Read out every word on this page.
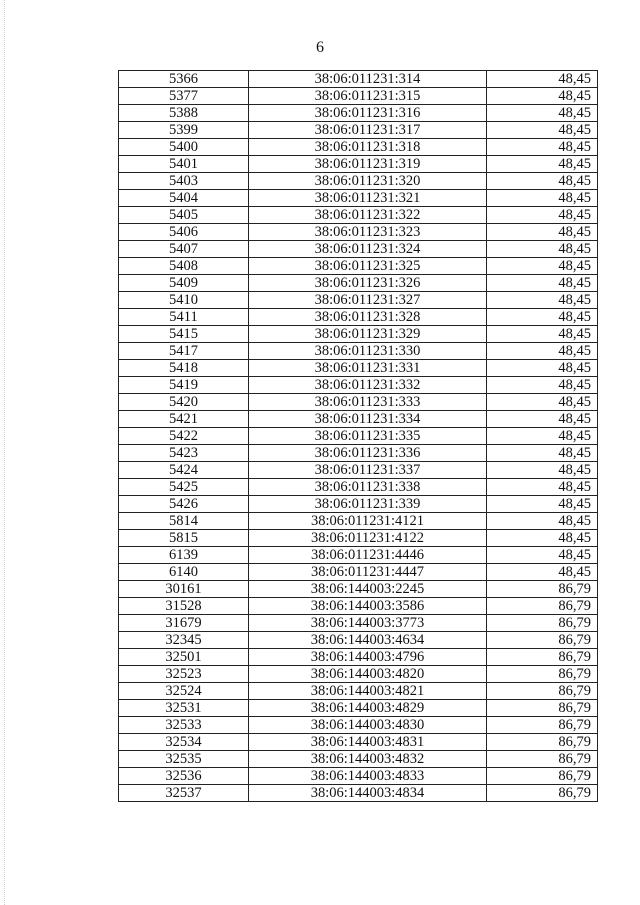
6
5366	38:06:011231:314	48,45
5377	38:06:011231:315	48,45
5388	38:06:011231:316	48,45
5399	38:06:011231:317	48,45
5400	38:06:011231:318	48,45
5401	38:06:011231:319	48,45
5403	38:06:011231:320	48,45
5404	38:06:011231:321	48,45
5405	38:06:011231:322	48,45
5406	38:06:011231:323	48,45
5407	38:06:011231:324	48,45
5408	38:06:011231:325	48,45
5409	38:06:011231:326	48,45
5410	38:06:011231:327	48,45
5411	38:06:011231:328	48,45
5415	38:06:011231:329	48,45
5417	38:06:011231:330	48,45
5418	38:06:011231:331	48,45
5419	38:06:011231:332	48,45
5420	38:06:011231:333	48,45
5421	38:06:011231:334	48,45
5422	38:06:011231:335	48,45
5423	38:06:011231:336	48,45
5424	38:06:011231:337	48,45
5425	38:06:011231:338	48,45
5426	38:06:011231:339	48,45
5814	38:06:011231:4121	48,45
5815	38:06:011231:4122	48,45
6139	38:06:011231:4446	48,45
6140	38:06:011231:4447	48,45
30161	38:06:144003:2245	86,79
31528	38:06:144003:3586	86,79
31679	38:06:144003:3773	86,79
32345	38:06:144003:4634	86,79
32501	38:06:144003:4796	86,79
32523	38:06:144003:4820	86,79
32524	38:06:144003:4821	86,79
32531	38:06:144003:4829	86,79
32533	38:06:144003:4830	86,79
32534	38:06:144003:4831	86,79
32535	38:06:144003:4832	86,79
32536	38:06:144003:4833	86,79
32537	38:06:144003:4834	86,79
